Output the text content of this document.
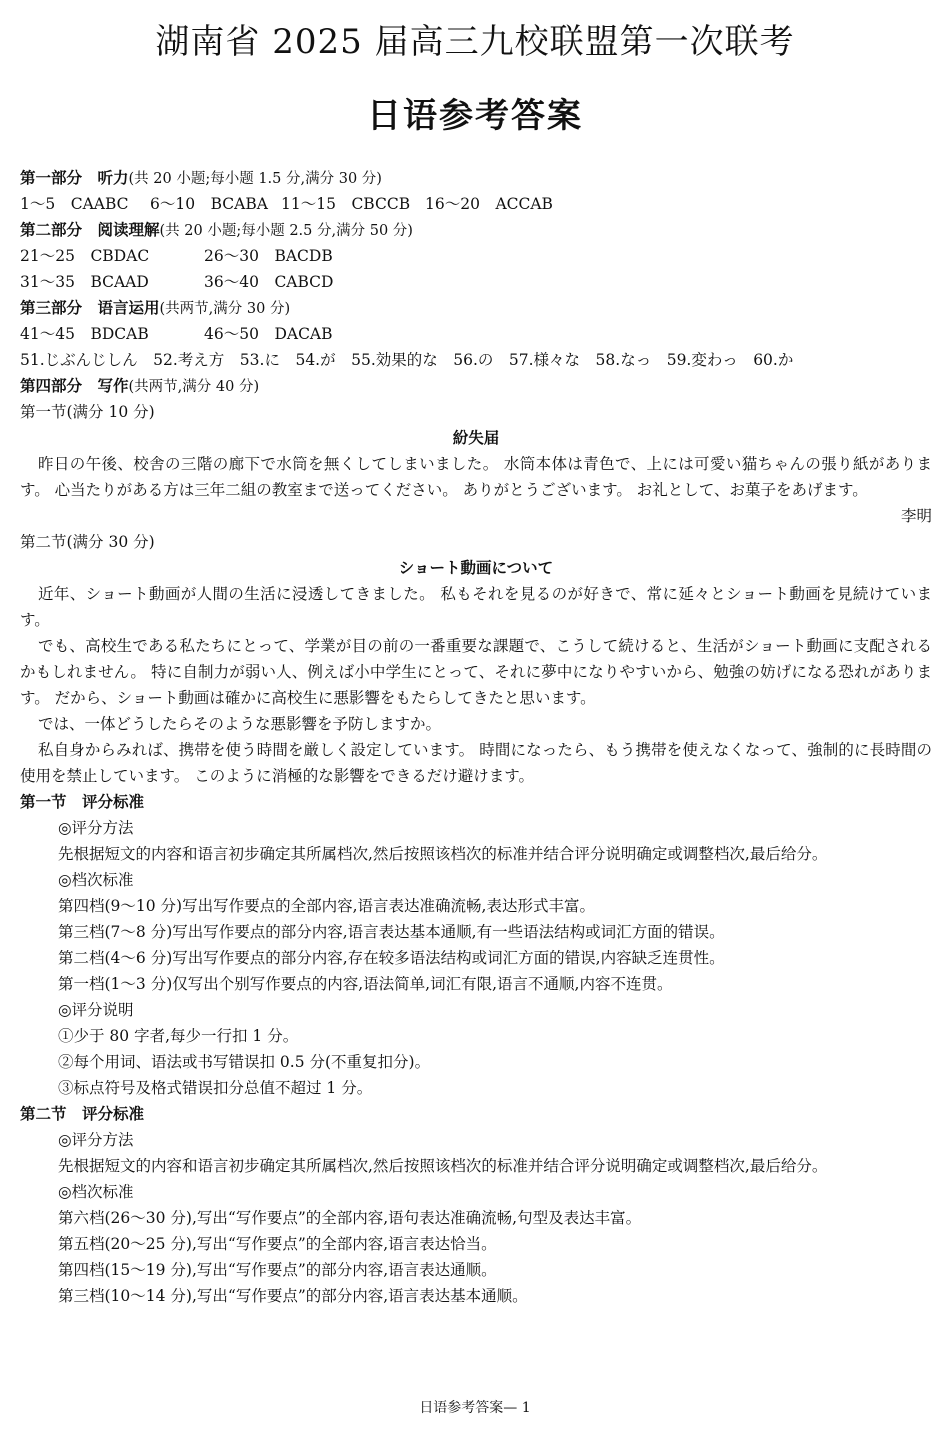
湖南省 2025 届高三九校联盟第一次联考
日语参考答案
第一部分　听力(共 20 小题;每小题 1.5 分,满分 30 分)
1～5　CAABC 6～10　BCABA 11～15　CBCCB 16～20　ACCAB
第二部分　阅读理解(共 20 小题;每小题 2.5 分,满分 50 分)
21～25　CBDAC	26～30　BACDB
31～35　BCAAD	36～40　CABCD
第三部分　语言运用(共两节,满分 30 分)
41～45　BDCAB	46～50　DACAB
51.じぶんじしん　52.考え方　53.に　54.が　55.効果的な　56.の　57.様々な　58.なっ　59.変わっ　60.か
第四部分　写作(共两节,满分 40 分)
第一节(满分 10 分)
紛失届
昨日の午後、校舎の三階の廊下で水筒を無くしてしまいました。 水筒本体は青色で、上には可愛い猫ちゃんの張り紙があります。 心当たりがある方は三年二組の教室まで送ってください。 ありがとうございます。 お礼として、お菓子をあげます。
李明
第二节(满分 30 分)
ショート動画について
近年、ショート動画が人間の生活に浸透してきました。 私もそれを見るのが好きで、常に延々とショート動画を見続けています。
でも、高校生である私たちにとって、学業が目の前の一番重要な課題で、こうして続けると、生活がショート動画に支配されるかもしれません。 特に自制力が弱い人、例えば小中学生にとって、それに夢中になりやすいから、勉強の妨げになる恐れがあります。 だから、ショート動画は確かに高校生に悪影響をもたらしてきたと思います。
では、一体どうしたらそのような悪影響を予防しますか。
私自身からみれば、携帯を使う時間を厳しく設定しています。 時間になったら、もう携帯を使えなくなって、強制的に長時間の使用を禁止しています。 このように消極的な影響をできるだけ避けます。
第一节　评分标准
◎评分方法
先根据短文的内容和语言初步确定其所属档次,然后按照该档次的标准并结合评分说明确定或调整档次,最后给分。
◎档次标准
第四档(9～10 分)写出写作要点的全部内容,语言表达准确流畅,表达形式丰富。
第三档(7～8 分)写出写作要点的部分内容,语言表达基本通顺,有一些语法结构或词汇方面的错误。
第二档(4～6 分)写出写作要点的部分内容,存在较多语法结构或词汇方面的错误,内容缺乏连贯性。
第一档(1～3 分)仅写出个别写作要点的内容,语法简单,词汇有限,语言不通顺,内容不连贯。
◎评分说明
①少于 80 字者,每少一行扣 1 分。
②每个用词、语法或书写错误扣 0.5 分(不重复扣分)。
③标点符号及格式错误扣分总值不超过 1 分。
第二节　评分标准
◎评分方法
先根据短文的内容和语言初步确定其所属档次,然后按照该档次的标准并结合评分说明确定或调整档次,最后给分。
◎档次标准
第六档(26～30 分),写出“写作要点”的全部内容,语句表达准确流畅,句型及表达丰富。
第五档(20～25 分),写出“写作要点”的全部内容,语言表达恰当。
第四档(15～19 分),写出“写作要点”的部分内容,语言表达通顺。
第三档(10～14 分),写出“写作要点”的部分内容,语言表达基本通顺。
日语参考答案— 1
